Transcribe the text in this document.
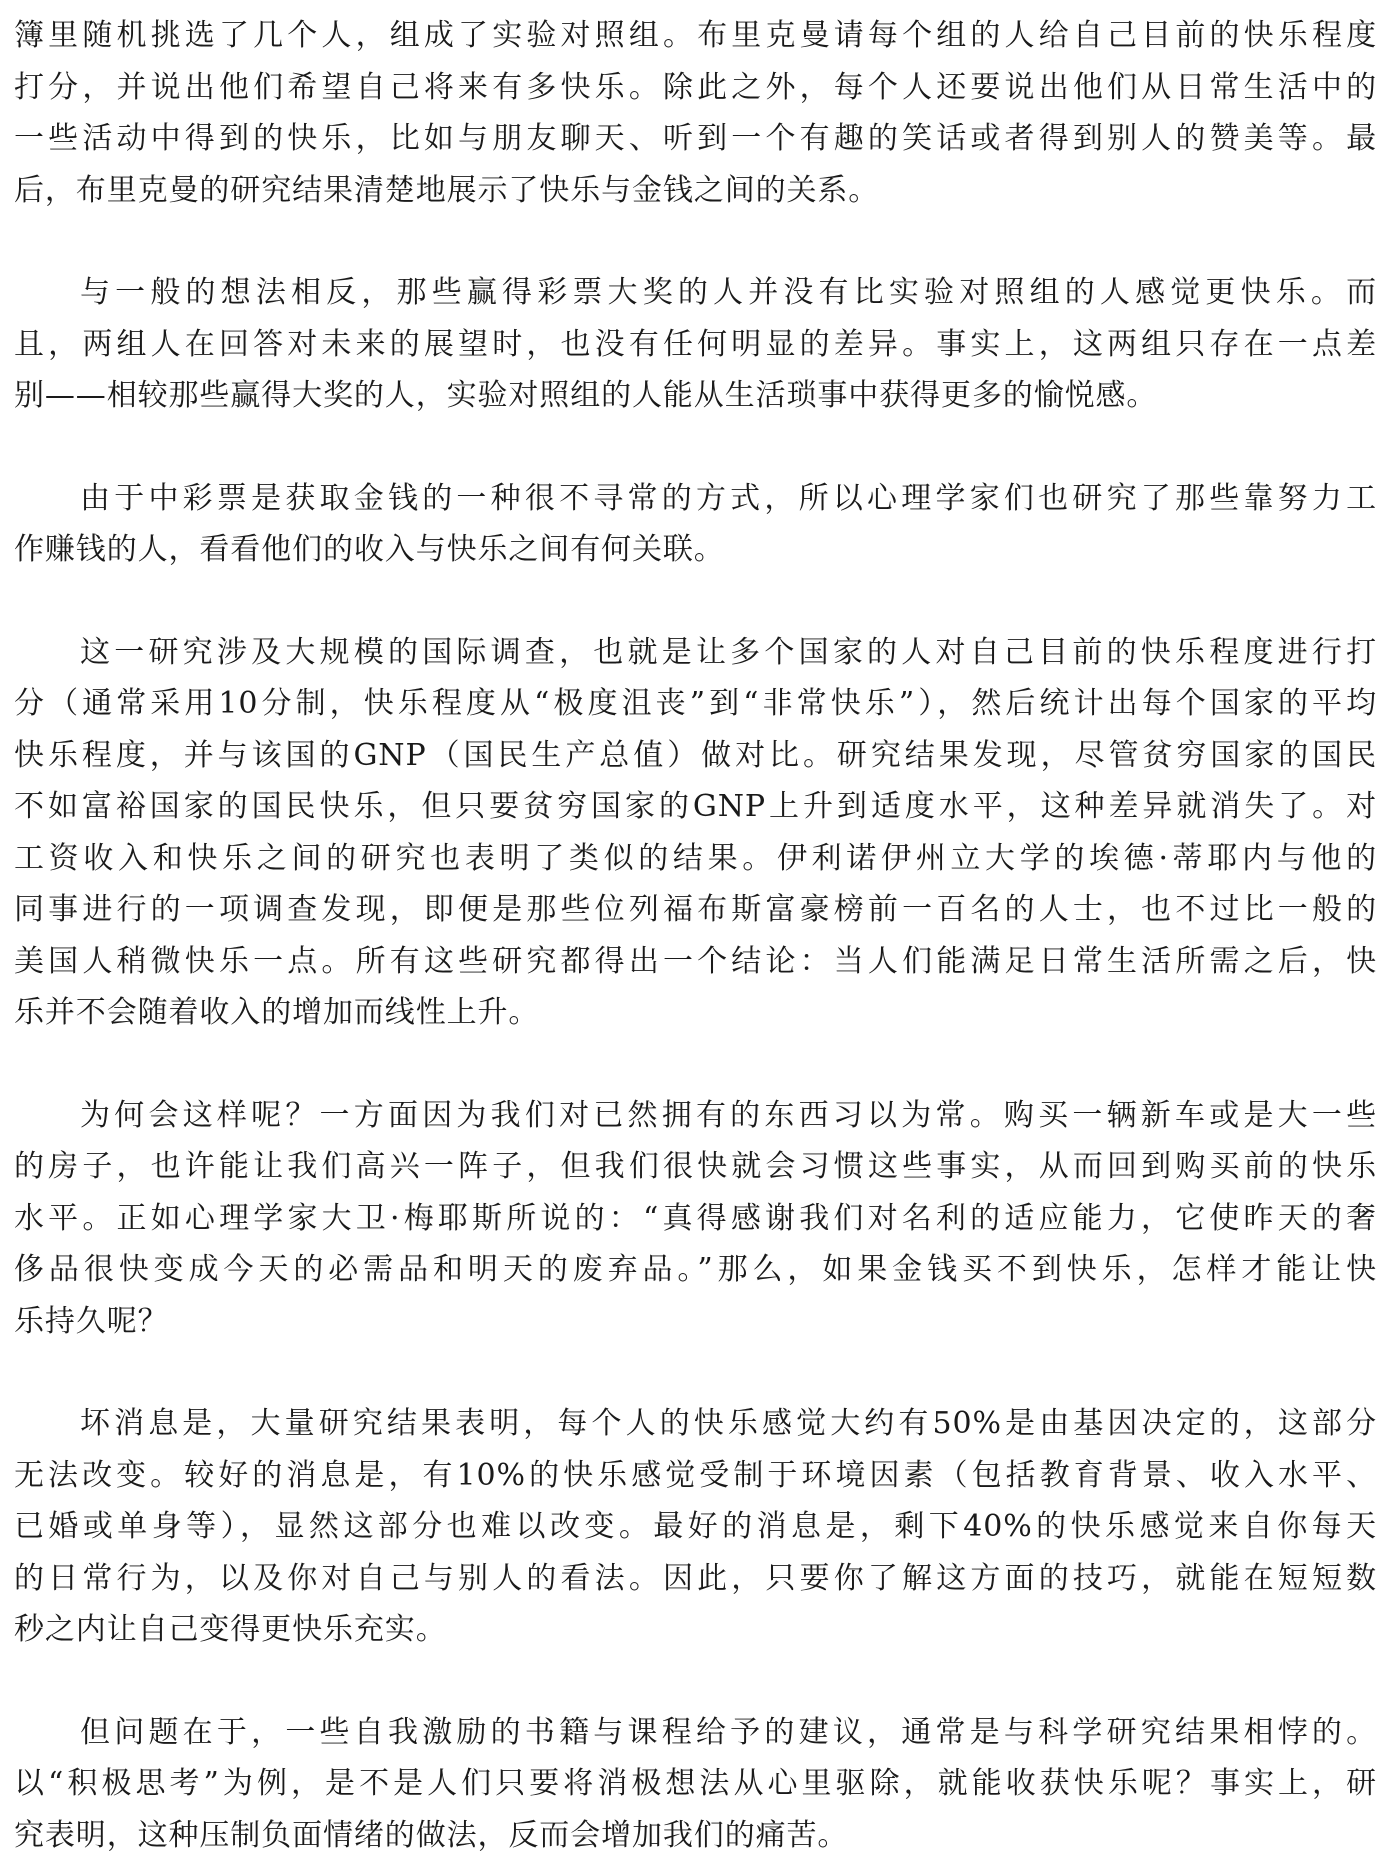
簿里随机挑选了几个人，组成了实验对照组。布里克曼请每个组的人给自己目前的快乐程度
打分，并说出他们希望自己将来有多快乐。除此之外，每个人还要说出他们从日常生活中的
一些活动中得到的快乐，比如与朋友聊天、听到一个有趣的笑话或者得到别人的赞美等。最
后，布里克曼的研究结果清楚地展示了快乐与金钱之间的关系。
与一般的想法相反，那些赢得彩票大奖的人并没有比实验对照组的人感觉更快乐。而
且，两组人在回答对未来的展望时，也没有任何明显的差异。事实上，这两组只存在一点差
别——相较那些赢得大奖的人，实验对照组的人能从生活琐事中获得更多的愉悦感。
由于中彩票是获取金钱的一种很不寻常的方式，所以心理学家们也研究了那些靠努力工
作赚钱的人，看看他们的收入与快乐之间有何关联。
这一研究涉及大规模的国际调查，也就是让多个国家的人对自己目前的快乐程度进行打
分（通常采用10分制，快乐程度从“极度沮丧”到“非常快乐”），然后统计出每个国家的平均
快乐程度，并与该国的GNP（国民生产总值）做对比。研究结果发现，尽管贫穷国家的国民
不如富裕国家的国民快乐，但只要贫穷国家的GNP上升到适度水平，这种差异就消失了。对
工资收入和快乐之间的研究也表明了类似的结果。伊利诺伊州立大学的埃德·蒂耶内与他的
同事进行的一项调查发现，即便是那些位列福布斯富豪榜前一百名的人士，也不过比一般的
美国人稍微快乐一点。所有这些研究都得出一个结论：当人们能满足日常生活所需之后，快
乐并不会随着收入的增加而线性上升。
为何会这样呢？一方面因为我们对已然拥有的东西习以为常。购买一辆新车或是大一些
的房子，也许能让我们高兴一阵子，但我们很快就会习惯这些事实，从而回到购买前的快乐
水平。正如心理学家大卫·梅耶斯所说的：“真得感谢我们对名利的适应能力，它使昨天的奢
侈品很快变成今天的必需品和明天的废弃品。”那么，如果金钱买不到快乐，怎样才能让快
乐持久呢？
坏消息是，大量研究结果表明，每个人的快乐感觉大约有50%是由基因决定的，这部分
无法改变。较好的消息是，有10%的快乐感觉受制于环境因素（包括教育背景、收入水平、
已婚或单身等），显然这部分也难以改变。最好的消息是，剩下40%的快乐感觉来自你每天
的日常行为，以及你对自己与别人的看法。因此，只要你了解这方面的技巧，就能在短短数
秒之内让自己变得更快乐充实。
但问题在于，一些自我激励的书籍与课程给予的建议，通常是与科学研究结果相悖的。
以“积极思考”为例，是不是人们只要将消极想法从心里驱除，就能收获快乐呢？事实上，研
究表明，这种压制负面情绪的做法，反而会增加我们的痛苦。
